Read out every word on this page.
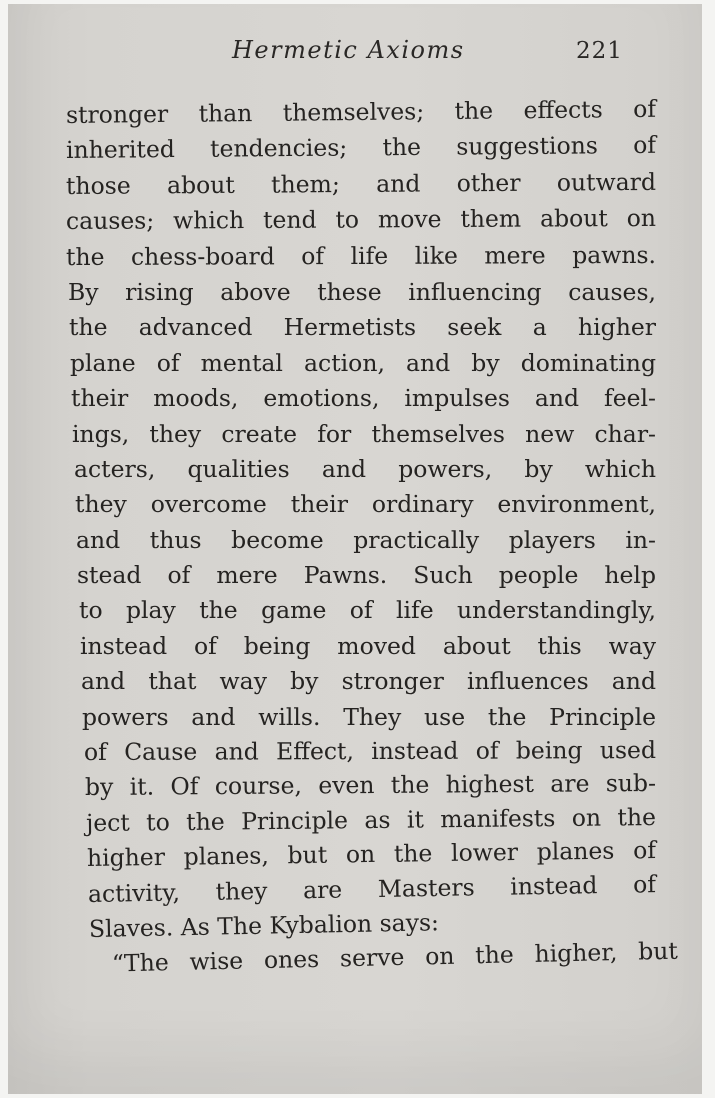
Hermetic Axioms	221
stronger than themselves; the effects of
inherited tendencies; the suggestions of
those about them; and other outward
causes; which tend to move them about on
the chess-board of life like mere pawns.
By rising above these influencing causes,
the advanced Hermetists seek a higher
plane of mental action, and by dominating
their moods, emotions, impulses and feel-
ings, they create for themselves new char-
acters, qualities and powers, by which
they overcome their ordinary environment,
and thus become practically players in-
stead of mere Pawns. Such people help
to play the game of life understandingly,
instead of being moved about this way
and that way by stronger influences and
powers and wills. They use the Principle
of Cause and Effect, instead of being used
by it. Of course, even the highest are sub-
ject to the Principle as it manifests on the
higher planes, but on the lower planes of
activity, they are Masters instead of
Slaves. As The Kybalion says:
“The wise ones serve on the higher, but
